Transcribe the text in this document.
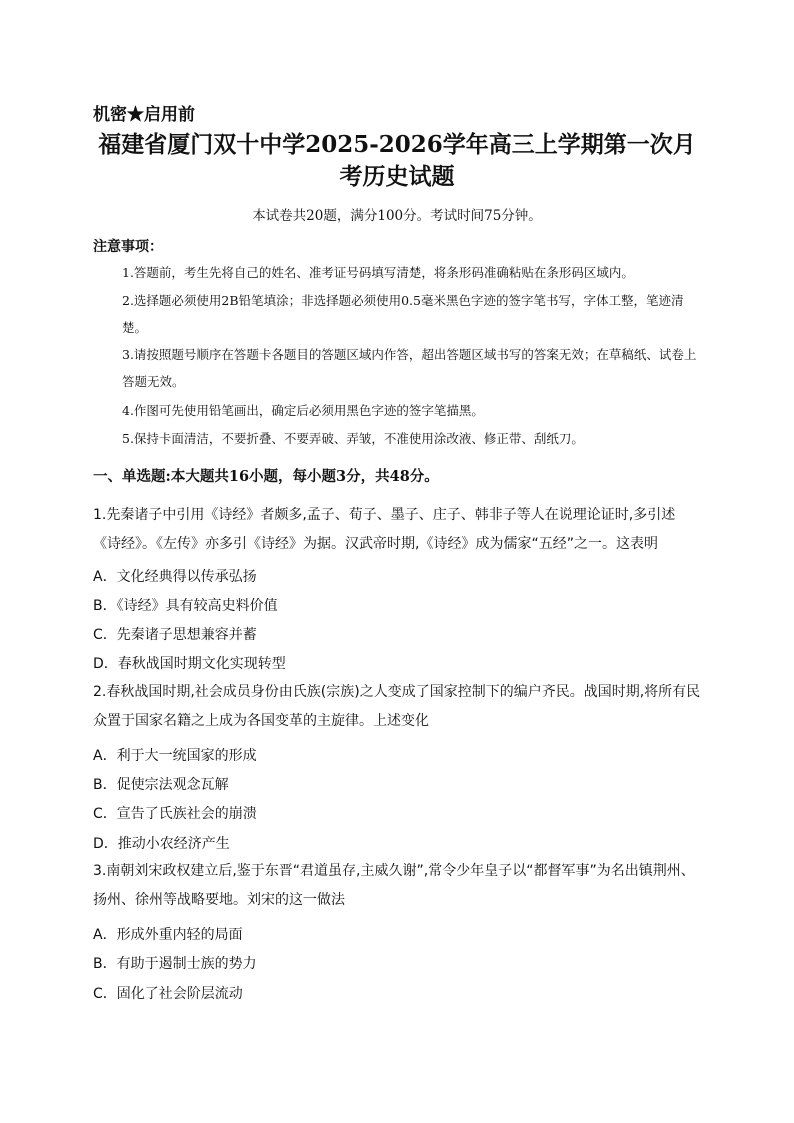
机密★启用前
福建省厦门双十中学2025-2026学年高三上学期第一次月
考历史试题
本试卷共20题，满分100分。考试时间75分钟。
注意事项：
1.答题前，考生先将自己的姓名、准考证号码填写清楚，将条形码准确粘贴在条形码区域内。
2.选择题必须使用2B铅笔填涂；非选择题必须使用0.5毫米黑色字迹的签字笔书写，字体工整，笔迹清楚。
3.请按照题号顺序在答题卡各题目的答题区域内作答，超出答题区域书写的答案无效；在草稿纸、试卷上答题无效。
4.作图可先使用铅笔画出，确定后必须用黑色字迹的签字笔描黑。
5.保持卡面清洁，不要折叠、不要弄破、弄皱，不准使用涂改液、修正带、刮纸刀。
一、单选题:本大题共16小题，每小题3分，共48分。
1.先秦诸子中引用《诗经》者颇多,孟子、荀子、墨子、庄子、韩非子等人在说理论证时,多引述《诗经》。《左传》亦多引《诗经》为据。汉武帝时期,《诗经》成为儒家“五经”之一。这表明
A．文化经典得以传承弘扬
B．《诗经》具有较高史料价值
C．先秦诸子思想兼容并蓄
D．春秋战国时期文化实现转型
2.春秋战国时期,社会成员身份由氏族(宗族)之人变成了国家控制下的编户齐民。战国时期,将所有民众置于国家名籍之上成为各国变革的主旋律。上述变化
A．利于大一统国家的形成
B．促使宗法观念瓦解
C．宣告了氏族社会的崩溃
D．推动小农经济产生
3.南朝刘宋政权建立后,鉴于东晋“君道虽存,主威久谢”,常令少年皇子以“都督军事”为名出镇荆州、扬州、徐州等战略要地。刘宋的这一做法
A．形成外重内轻的局面
B．有助于遏制士族的势力
C．固化了社会阶层流动
